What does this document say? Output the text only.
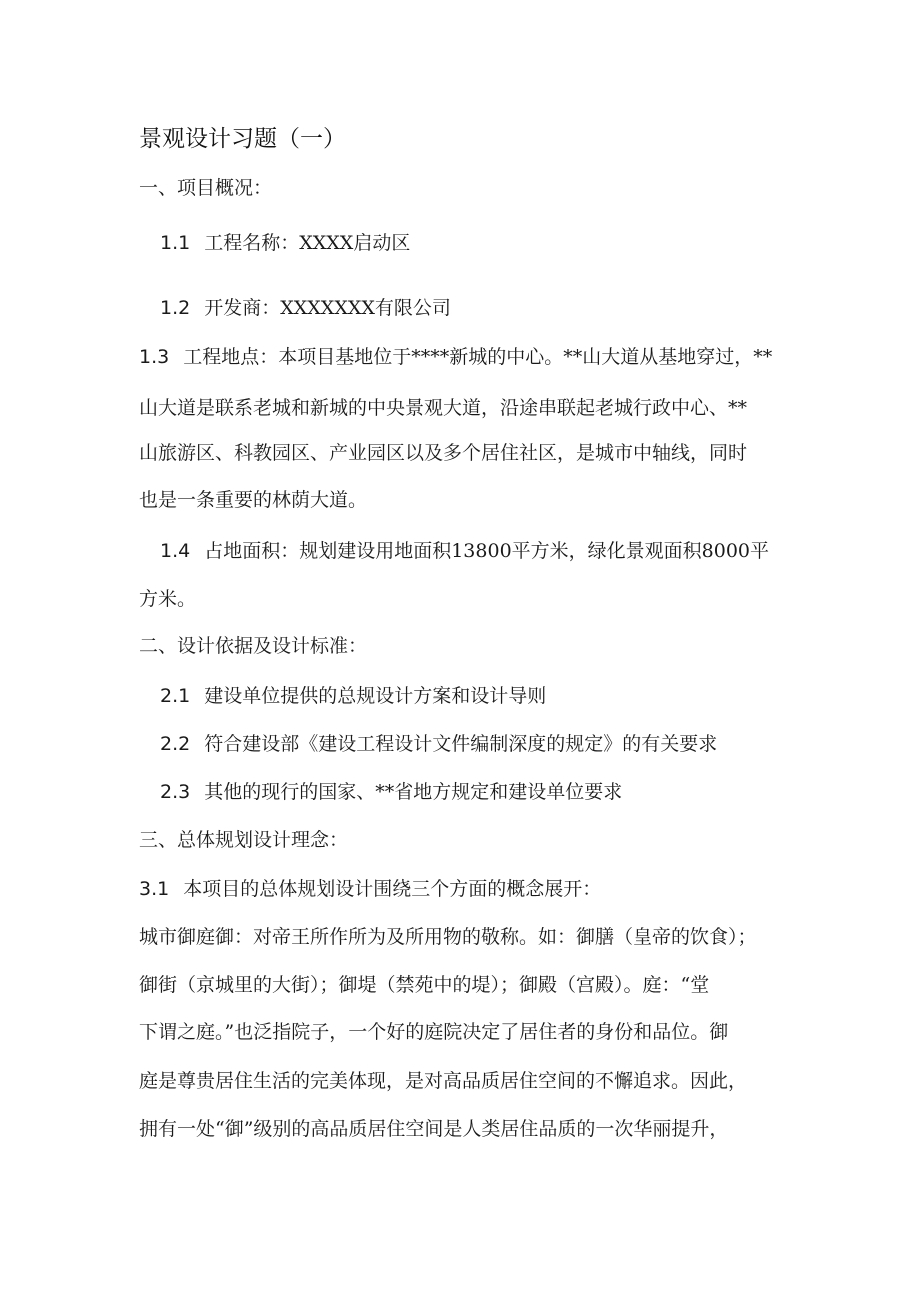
景观设计习题（一）
一、项目概况：
1.1 工程名称：XXXX启动区
1.2 开发商：XXXXXXX有限公司
1.3 工程地点：本项目基地位于****新城的中心。**山大道从基地穿过，**
山大道是联系老城和新城的中央景观大道，沿途串联起老城行政中心、**
山旅游区、科教园区、产业园区以及多个居住社区，是城市中轴线，同时
也是一条重要的林荫大道。
1.4 占地面积：规划建设用地面积13800平方米，绿化景观面积8000平
方米。
二、设计依据及设计标准：
2.1 建设单位提供的总规设计方案和设计导则
2.2 符合建设部《建设工程设计文件编制深度的规定》的有关要求
2.3 其他的现行的国家、**省地方规定和建设单位要求
三、总体规划设计理念：
3.1 本项目的总体规划设计围绕三个方面的概念展开：
城市御庭御：对帝王所作所为及所用物的敬称。如：御膳（皇帝的饮食）；
御街（京城里的大街）；御堤（禁苑中的堤）；御殿（宫殿）。庭：“堂
下谓之庭。”也泛指院子，一个好的庭院决定了居住者的身份和品位。御
庭是尊贵居住生活的完美体现，是对高品质居住空间的不懈追求。因此，
拥有一处“御”级别的高品质居住空间是人类居住品质的一次华丽提升，
